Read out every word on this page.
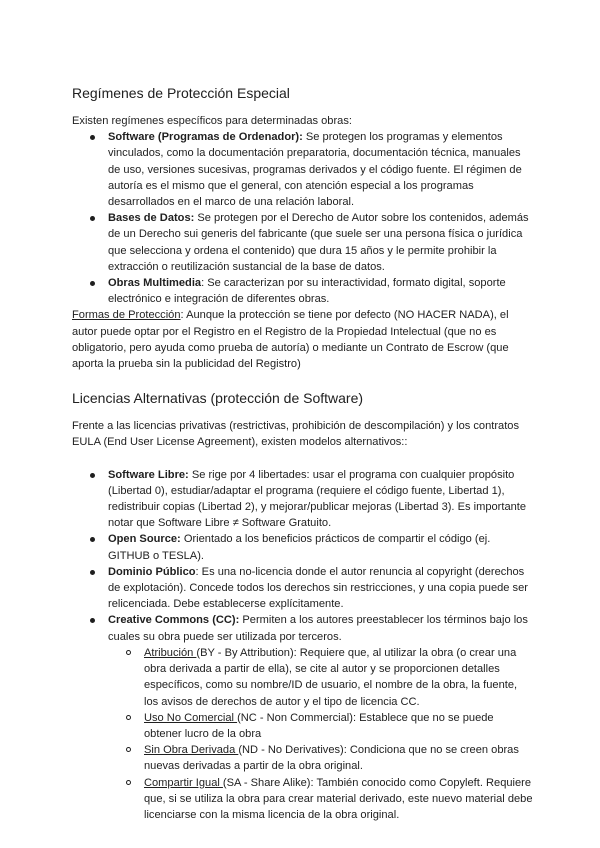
Regímenes de Protección Especial

Existen regímenes específicos para determinadas obras:

Software (Programas de Ordenador): Se protegen los programas y elementos vinculados, como la documentación preparatoria, documentación técnica, manuales de uso, versiones sucesivas, programas derivados y el código fuente. El régimen de autoría es el mismo que el general, con atención especial a los programas desarrollados en el marco de una relación laboral.
Bases de Datos: Se protegen por el Derecho de Autor sobre los contenidos, además de un Derecho sui generis del fabricante (que suele ser una persona física o jurídica que selecciona y ordena el contenido) que dura 15 años y le permite prohibir la extracción o reutilización sustancial de la base de datos.
Obras Multimedia: Se caracterizan por su interactividad, formato digital, soporte electrónico e integración de diferentes obras.

Formas de Protección: Aunque la protección se tiene por defecto (NO HACER NADA), el autor puede optar por el Registro en el Registro de la Propiedad Intelectual (que no es obligatorio, pero ayuda como prueba de autoría) o mediante un Contrato de Escrow (que aporta la prueba sin la publicidad del Registro)

Licencias Alternativas (protección de Software)

Frente a las licencias privativas (restrictivas, prohibición de descompilación) y los contratos EULA (End User License Agreement), existen modelos alternativos::

Software Libre: Se rige por 4 libertades: usar el programa con cualquier propósito (Libertad 0), estudiar/adaptar el programa (requiere el código fuente, Libertad 1), redistribuir copias (Libertad 2), y mejorar/publicar mejoras (Libertad 3). Es importante notar que Software Libre ≠ Software Gratuito.
Open Source: Orientado a los beneficios prácticos de compartir el código (ej. GITHUB o TESLA).
Dominio Público: Es una no-licencia donde el autor renuncia al copyright (derechos de explotación). Concede todos los derechos sin restricciones, y una copia puede ser relicenciada. Debe establecerse explícitamente.
Creative Commons (CC): Permiten a los autores preestablecer los términos bajo los cuales su obra puede ser utilizada por terceros.
Atribución (BY - By Attribution): Requiere que, al utilizar la obra (o crear una obra derivada a partir de ella), se cite al autor y se proporcionen detalles específicos, como su nombre/ID de usuario, el nombre de la obra, la fuente, los avisos de derechos de autor y el tipo de licencia CC.
Uso No Comercial (NC - Non Commercial): Establece que no se puede obtener lucro de la obra
Sin Obra Derivada (ND - No Derivatives): Condiciona que no se creen obras nuevas derivadas a partir de la obra original.
Compartir Igual (SA - Share Alike): También conocido como Copyleft. Requiere que, si se utiliza la obra para crear material derivado, este nuevo material debe licenciarse con la misma licencia de la obra original.
